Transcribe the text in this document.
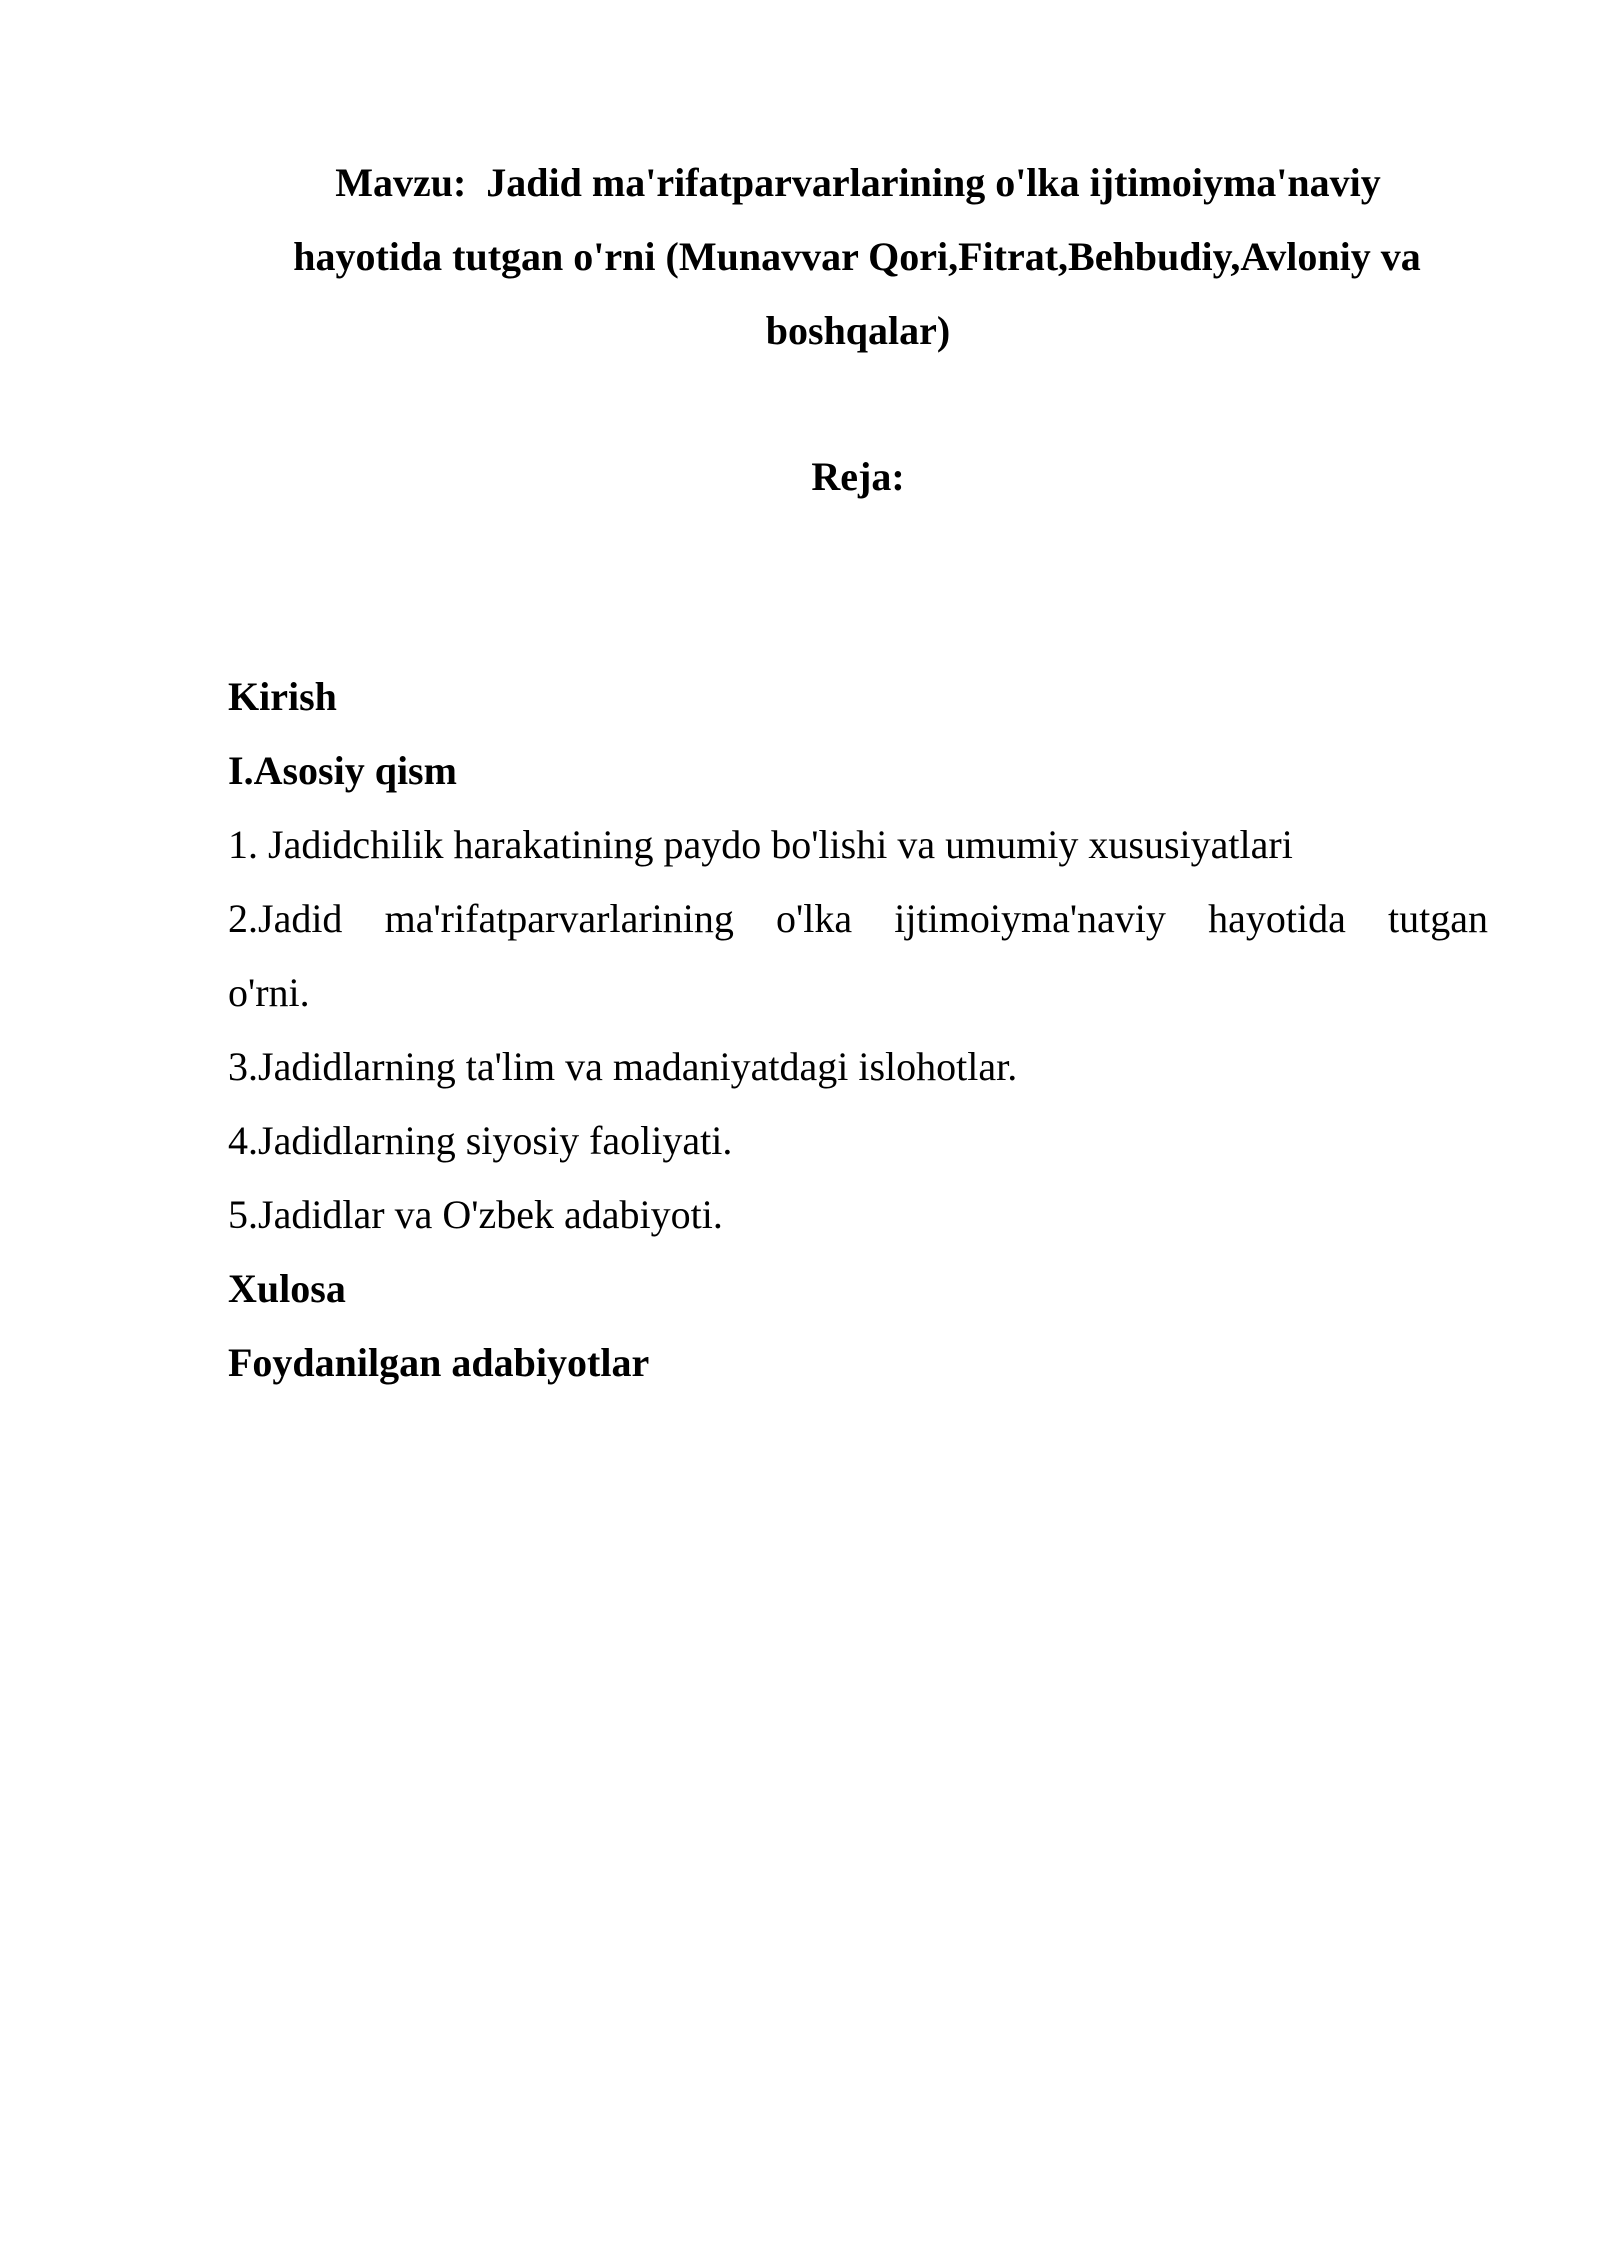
Mavzu:  Jadid ma'rifatparvarlarining o'lka ijtimoiyma'naviy
hayotida tutgan o'rni (Munavvar Qori,Fitrat,Behbudiy,Avloniy va
boshqalar)
Reja:
Kirish
I.Asosiy qism
1. Jadidchilik harakatining paydo bo'lishi va umumiy xususiyatlari
2.Jadid ma'rifatparvarlarining o'lka ijtimoiyma'naviy hayotida tutgan
o'rni.
3.Jadidlarning ta'lim va madaniyatdagi islohotlar.
4.Jadidlarning siyosiy faoliyati.
5.Jadidlar va O'zbek adabiyoti.
Xulosa
Foydanilgan adabiyotlar
